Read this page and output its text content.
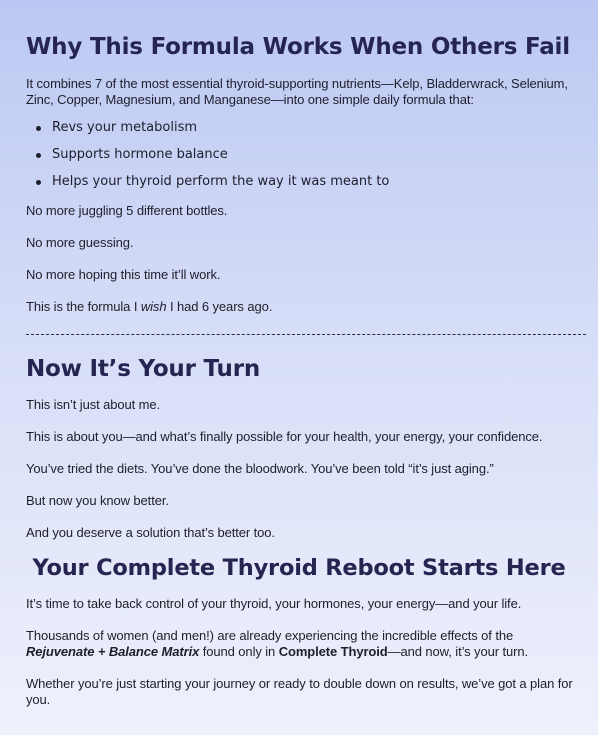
Why This Formula Works When Others Fail

It combines 7 of the most essential thyroid-supporting nutrients—Kelp, Bladderwrack, Selenium, Zinc, Copper, Magnesium, and Manganese—into one simple daily formula that:

Revs your metabolism
Supports hormone balance
Helps your thyroid perform the way it was meant to

No more juggling 5 different bottles.

No more guessing.

No more hoping this time it’ll work.

This is the formula I wish I had 6 years ago.

Now It’s Your Turn

This isn’t just about me.

This is about you—and what’s finally possible for your health, your energy, your confidence.

You’ve tried the diets. You’ve done the bloodwork. You’ve been told “it’s just aging.”

But now you know better.

And you deserve a solution that’s better too.

Your Complete Thyroid Reboot Starts Here

It’s time to take back control of your thyroid, your hormones, your energy—and your life.

Thousands of women (and men!) are already experiencing the incredible effects of the Rejuvenate + Balance Matrix found only in Complete Thyroid—and now, it’s your turn.

Whether you’re just starting your journey or ready to double down on results, we’ve got a plan for you.
